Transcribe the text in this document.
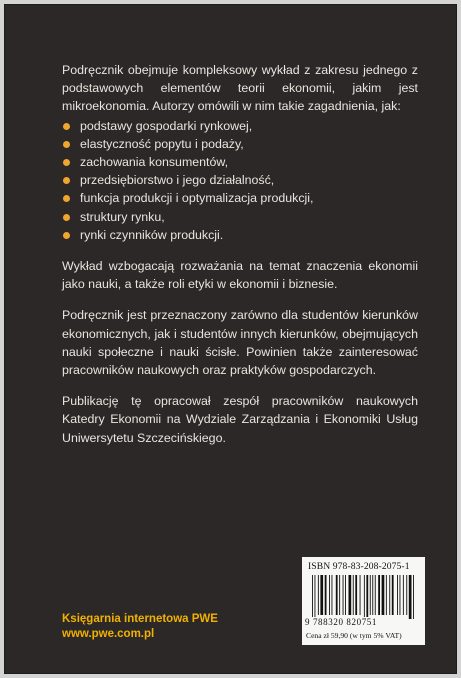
Podręcznik obejmuje kompleksowy wykład z zakresu jednego z podstawowych elementów teorii ekonomii, jakim jest mikroekonomia. Autorzy omówili w nim takie zagadnienia, jak:

podstawy gospodarki rynkowej,
elastyczność popytu i podaży,
zachowania konsumentów,
przedsiębiorstwo i jego działalność,
funkcja produkcji i optymalizacja produkcji,
struktury rynku,
rynki czynników produkcji.

Wykład wzbogacają rozważania na temat znaczenia ekonomii jako nauki, a także roli etyki w ekonomii i biznesie.

Podręcznik jest przeznaczony zarówno dla studentów kierunków ekonomicznych, jak i studentów innych kierunków, obejmujących nauki społeczne i nauki ścisłe. Powinien także zainteresować pracowników naukowych oraz praktyków gospodarczych.

Publikację tę opracował zespół pracowników naukowych Katedry Ekonomii na Wydziale Zarządzania i Ekonomiki Usług Uniwersytetu Szczecińskiego.

ISBN 978-83-208-2075-1
9 788320 820751
Cena zł 59,90 (w tym 5% VAT)
Księgarnia internetowa PWE
www.pwe.com.pl
